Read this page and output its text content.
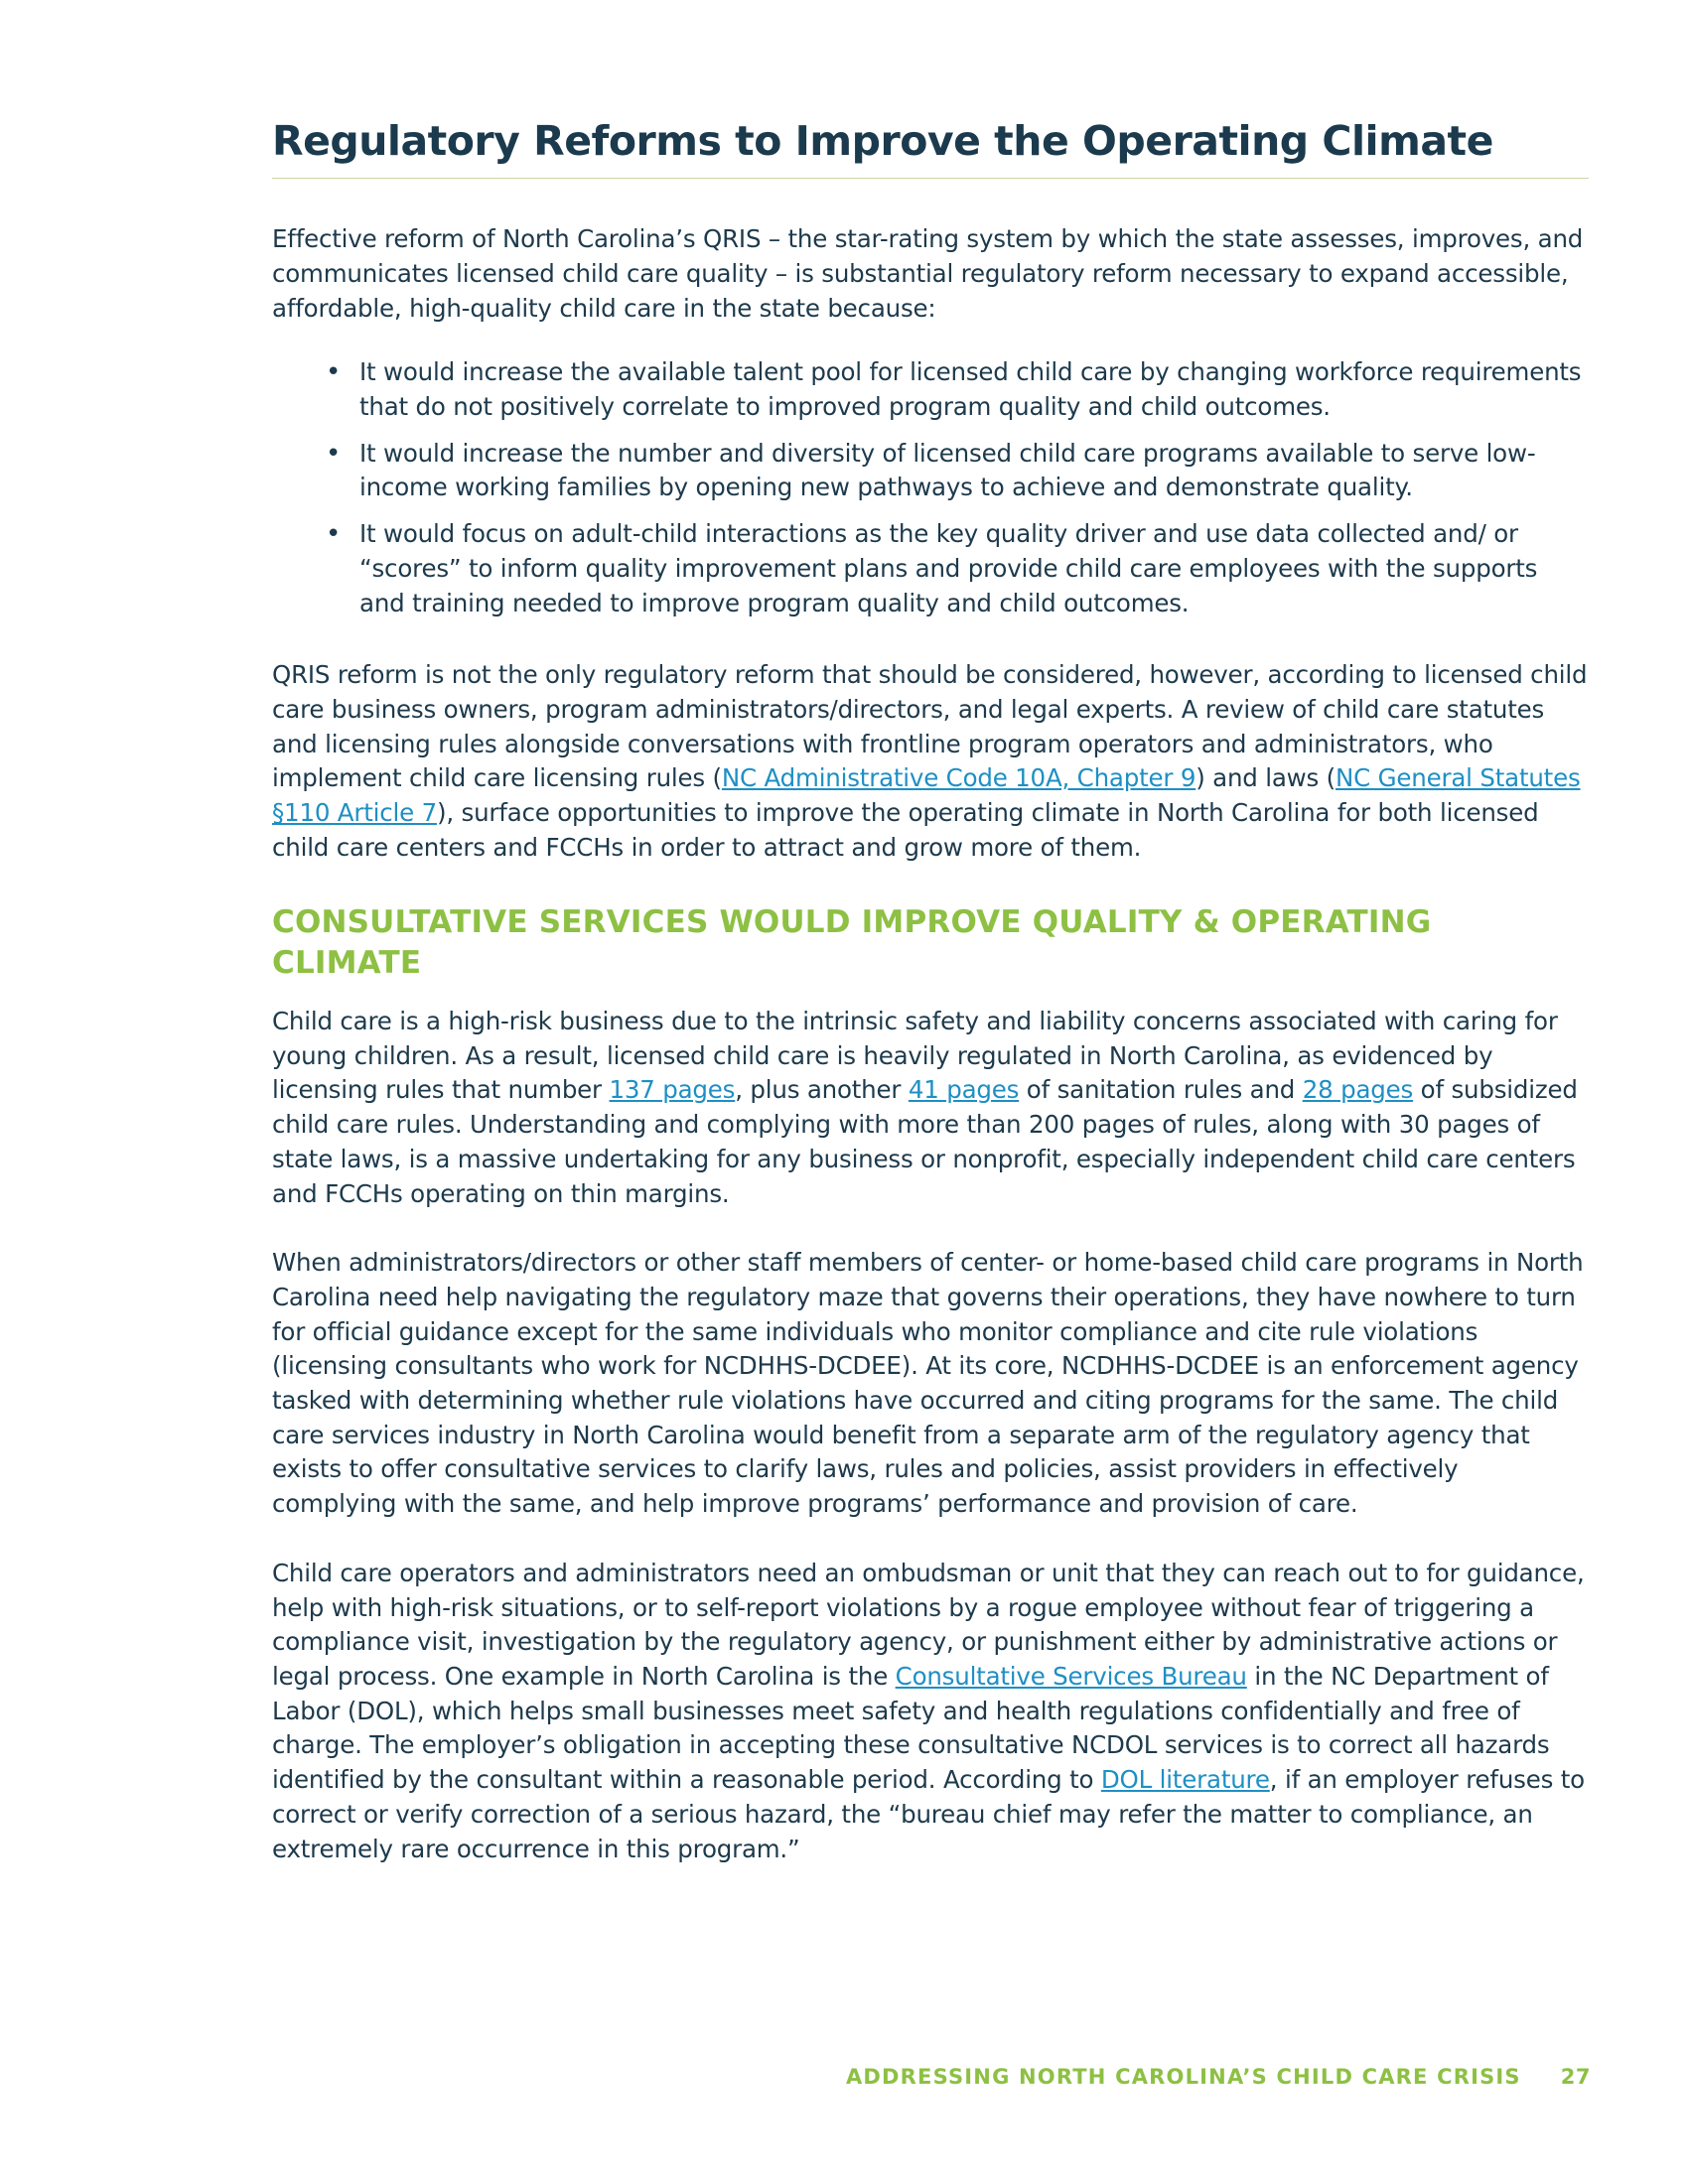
Regulatory Reforms to Improve the Operating Climate

Effective reform of North Carolina’s QRIS – the star-rating system by which the state assesses, improves, and communicates licensed child care quality – is substantial regulatory reform necessary to expand accessible, affordable, high-quality child care in the state because:

• It would increase the available talent pool for licensed child care by changing workforce requirements that do not positively correlate to improved program quality and child outcomes.
• It would increase the number and diversity of licensed child care programs available to serve low-income working families by opening new pathways to achieve and demonstrate quality.
• It would focus on adult-child interactions as the key quality driver and use data collected and/ or “scores” to inform quality improvement plans and provide child care employees with the supports and training needed to improve program quality and child outcomes.

QRIS reform is not the only regulatory reform that should be considered, however, according to licensed child care business owners, program administrators/directors, and legal experts. A review of child care statutes and licensing rules alongside conversations with frontline program operators and administrators, who implement child care licensing rules (NC Administrative Code 10A, Chapter 9) and laws (NC General Statutes §110 Article 7), surface opportunities to improve the operating climate in North Carolina for both licensed child care centers and FCCHs in order to attract and grow more of them.

CONSULTATIVE SERVICES WOULD IMPROVE QUALITY & OPERATING CLIMATE

Child care is a high-risk business due to the intrinsic safety and liability concerns associated with caring for young children. As a result, licensed child care is heavily regulated in North Carolina, as evidenced by licensing rules that number 137 pages, plus another 41 pages of sanitation rules and 28 pages of subsidized child care rules. Understanding and complying with more than 200 pages of rules, along with 30 pages of state laws, is a massive undertaking for any business or nonprofit, especially independent child care centers and FCCHs operating on thin margins.

When administrators/directors or other staff members of center- or home-based child care programs in North Carolina need help navigating the regulatory maze that governs their operations, they have nowhere to turn for official guidance except for the same individuals who monitor compliance and cite rule violations (licensing consultants who work for NCDHHS-DCDEE). At its core, NCDHHS-DCDEE is an enforcement agency tasked with determining whether rule violations have occurred and citing programs for the same. The child care services industry in North Carolina would benefit from a separate arm of the regulatory agency that exists to offer consultative services to clarify laws, rules and policies, assist providers in effectively complying with the same, and help improve programs’ performance and provision of care.

Child care operators and administrators need an ombudsman or unit that they can reach out to for guidance, help with high-risk situations, or to self-report violations by a rogue employee without fear of triggering a compliance visit, investigation by the regulatory agency, or punishment either by administrative actions or legal process. One example in North Carolina is the Consultative Services Bureau in the NC Department of Labor (DOL), which helps small businesses meet safety and health regulations confidentially and free of charge. The employer’s obligation in accepting these consultative NCDOL services is to correct all hazards identified by the consultant within a reasonable period. According to DOL literature, if an employer refuses to correct or verify correction of a serious hazard, the “bureau chief may refer the matter to compliance, an extremely rare occurrence in this program.”

ADDRESSING NORTH CAROLINA’S CHILD CARE CRISIS 27
